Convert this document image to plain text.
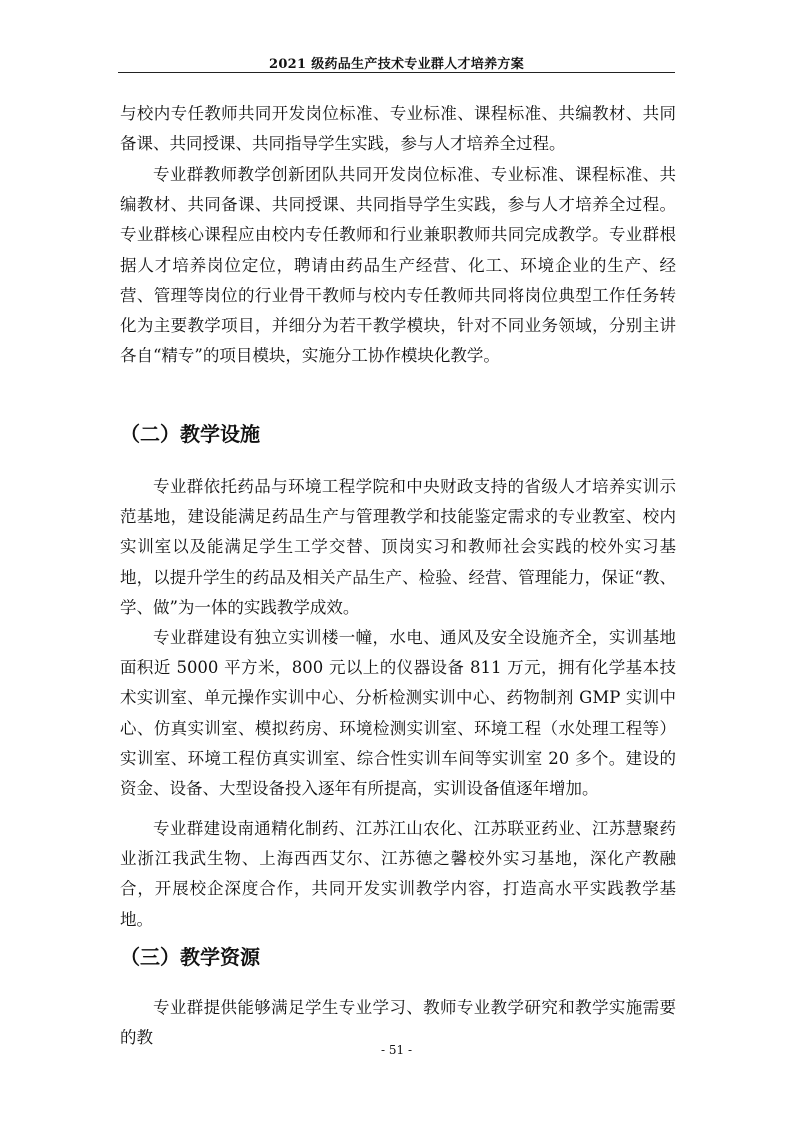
2021 级药品生产技术专业群人才培养方案

与校内专任教师共同开发岗位标准、专业标准、课程标准、共编教材、共同备课、共同授课、共同指导学生实践，参与人才培养全过程。

专业群教师教学创新团队共同开发岗位标准、专业标准、课程标准、共编教材、共同备课、共同授课、共同指导学生实践，参与人才培养全过程。专业群核心课程应由校内专任教师和行业兼职教师共同完成教学。专业群根据人才培养岗位定位，聘请由药品生产经营、化工、环境企业的生产、经营、管理等岗位的行业骨干教师与校内专任教师共同将岗位典型工作任务转化为主要教学项目，并细分为若干教学模块，针对不同业务领域，分别主讲各自“精专”的项目模块，实施分工协作模块化教学。

（二）教学设施

专业群依托药品与环境工程学院和中央财政支持的省级人才培养实训示范基地，建设能满足药品生产与管理教学和技能鉴定需求的专业教室、校内实训室以及能满足学生工学交替、顶岗实习和教师社会实践的校外实习基地，以提升学生的药品及相关产品生产、检验、经营、管理能力，保证“教、学、做”为一体的实践教学成效。

专业群建设有独立实训楼一幢，水电、通风及安全设施齐全，实训基地面积近 5000 平方米，800 元以上的仪器设备 811 万元，拥有化学基本技术实训室、单元操作实训中心、分析检测实训中心、药物制剂 GMP 实训中心、仿真实训室、模拟药房、环境检测实训室、环境工程（水处理工程等）实训室、环境工程仿真实训室、综合性实训车间等实训室 20 多个。建设的资金、设备、大型设备投入逐年有所提高，实训设备值逐年增加。

专业群建设南通精化制药、江苏江山农化、江苏联亚药业、江苏慧聚药业浙江我武生物、上海西西艾尔、江苏德之馨校外实习基地，深化产教融合，开展校企深度合作，共同开发实训教学内容，打造高水平实践教学基地。

（三）教学资源

专业群提供能够满足学生专业学习、教师专业教学研究和教学实施需要的教

- 51 -
